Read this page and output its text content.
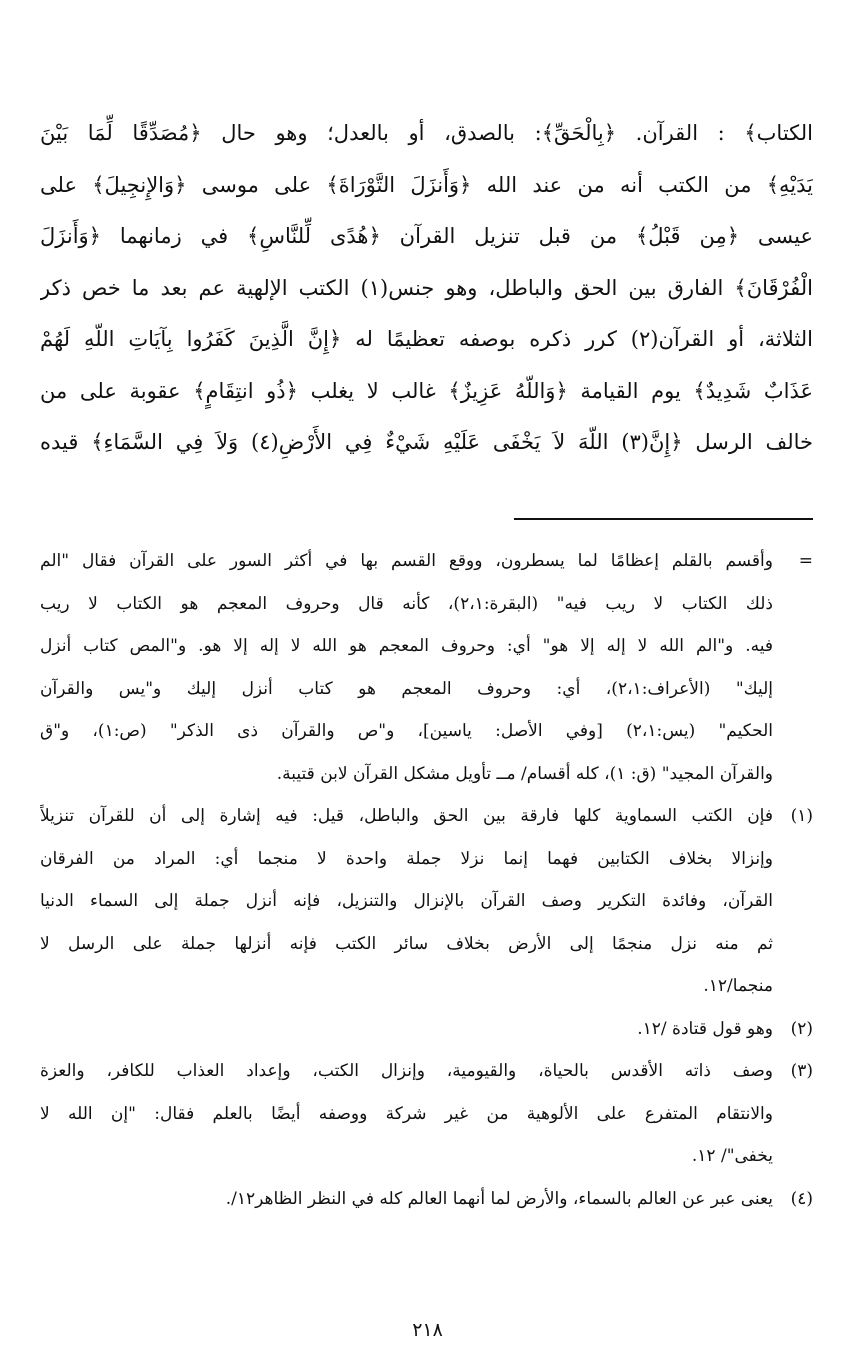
الكتاب﴾ : القرآن. ﴿بِالْحَقِّ﴾: بالصدق، أو بالعدل؛ وهو حال ﴿مُصَدِّقًا لِّمَا بَيْنَ
يَدَيْهِ﴾ من الكتب أنه من عند الله ﴿وَأَنزَلَ التَّوْرَاةَ﴾ على موسى ﴿وَالإِنجِيلَ﴾ على
عيسى ﴿مِن قَبْلُ﴾ من قبل تنزيل القرآن ﴿هُدًى لِّلنَّاسِ﴾ في زمانهما ﴿وَأَنزَلَ
الْفُرْقَانَ﴾ الفارق بين الحق والباطل، وهو جنس(١) الكتب الإلهية عم بعد ما خص ذكر
الثلاثة، أو القرآن(٢) كرر ذكره بوصفه تعظيمًا له ﴿إِنَّ الَّذِينَ كَفَرُوا بِآيَاتِ اللّهِ لَهُمْ
عَذَابٌ شَدِيدٌ﴾ يوم القيامة ﴿وَاللّهُ عَزِيزٌ﴾ غالب لا يغلب ﴿ذُو انتِقَامٍ﴾ عقوبة على من
خالف الرسل ﴿إِنَّ(٣) اللّهَ لاَ يَخْفَى عَلَيْهِ شَيْءٌ فِي الأَرْضِ(٤) وَلاَ فِي السَّمَاءِ﴾ قيده
=
وأقسم بالقلم إعظامًا لما يسطرون، ووقع القسم بها في أكثر السور على القرآن فقال "الم
ذلك الكتاب لا ريب فيه" (البقرة:٢،١)، كأنه قال وحروف المعجم هو الكتاب لا ريب
فيه. و"الم الله لا إله إلا هو" أي: وحروف المعجم هو الله لا إله إلا هو. و"المص كتاب أنزل
إليك" (الأعراف:٢،١)، أي: وحروف المعجم هو كتاب أنزل إليك و"يس والقرآن
الحكيم" (يس:٢،١) [وفي الأصل: ياسين]، و"ص والقرآن ذى الذكر" (ص:١)، و"ق
والقرآن المجيد" (ق: ١)، كله أقسام/ مــ تأويل مشكل القرآن لابن قتيبة.
(١)
فإن الكتب السماوية كلها فارقة بين الحق والباطل، قيل: فيه إشارة إلى أن للقرآن تنزيلاً
وإنزالا بخلاف الكتابين فهما إنما نزلا جملة واحدة لا منجما أي: المراد من الفرقان
القرآن، وفائدة التكرير وصف القرآن بالإنزال والتنزيل، فإنه أنزل جملة إلى السماء الدنيا
ثم منه نزل منجمًا إلى الأرض بخلاف سائر الكتب فإنه أنزلها جملة على الرسل لا
منجما/١٢.
(٢)
وهو قول قتادة /١٢.
(٣)
وصف ذاته الأقدس بالحياة، والقيومية، وإنزال الكتب، وإعداد العذاب للكافر، والعزة
والانتقام المتفرع على الألوهية من غير شركة ووصفه أيضًا بالعلم فقال: "إن الله لا
يخفى"/ ١٢.
(٤)
يعنى عبر عن العالم بالسماء، والأرض لما أنهما العالم كله في النظر الظاهر١٢/.
٢١٨
